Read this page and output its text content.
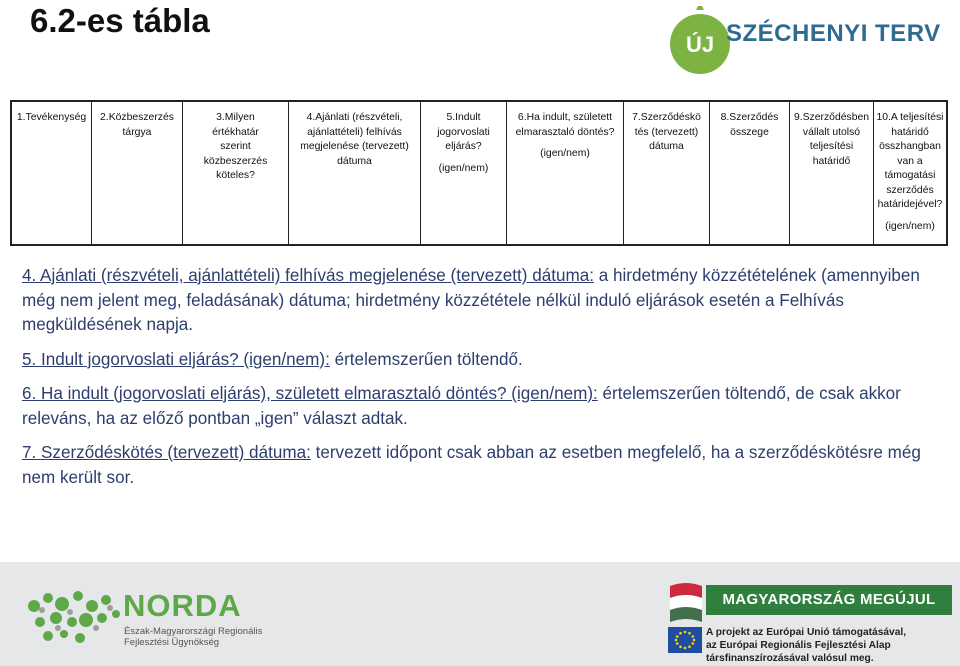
6.2-es tábla
ÚJ SZÉCHENYI TERV
1.Tevékenység	2.Közbeszerzés
tárgya
3.Milyen
értékhatár
szerint
közbeszerzés
köteles?
4.Ajánlati (részvételi,
ajánlattételi) felhívás
megjelenése (tervezett)
dátuma
5.Indult
jogorvoslati
eljárás?
(igen/nem)
6.Ha indult, született
elmarasztaló döntés?
(igen/nem)
7.Szerződéskö
tés (tervezett)
dátuma
8.Szerződés
összege
9.Szerződésben
vállalt utolsó
teljesítési
határidő
10.A teljesítési
határidő
összhangban
van a
támogatási
szerződés
határidejével?
(igen/nem)

4. Ajánlati (részvételi, ajánlattételi) felhívás megjelenése (tervezett) dátuma: a hirdetmény közzétételének (amennyiben még nem jelent meg, feladásának) dátuma; hirdetmény közzététele nélkül induló eljárások esetén a Felhívás megküldésének napja.

5. Indult jogorvoslati eljárás? (igen/nem): értelemszerűen töltendő.

6. Ha indult (jogorvoslati eljárás), született elmarasztaló döntés? (igen/nem): értelemszerűen töltendő, de csak akkor releváns, ha az előző pontban „igen” választ adtak.

7. Szerződéskötés (tervezett) dátuma: tervezett időpont csak abban az esetben megfelelő, ha a szerződéskötésre még nem került sor.

NORDA
Észak-Magyarországi Regionális
Fejlesztési Ügynökség
MAGYARORSZÁG MEGÚJUL
A projekt az Európai Unió támogatásával,
az Európai Regionális Fejlesztési Alap
társfinanszírozásával valósul meg.
